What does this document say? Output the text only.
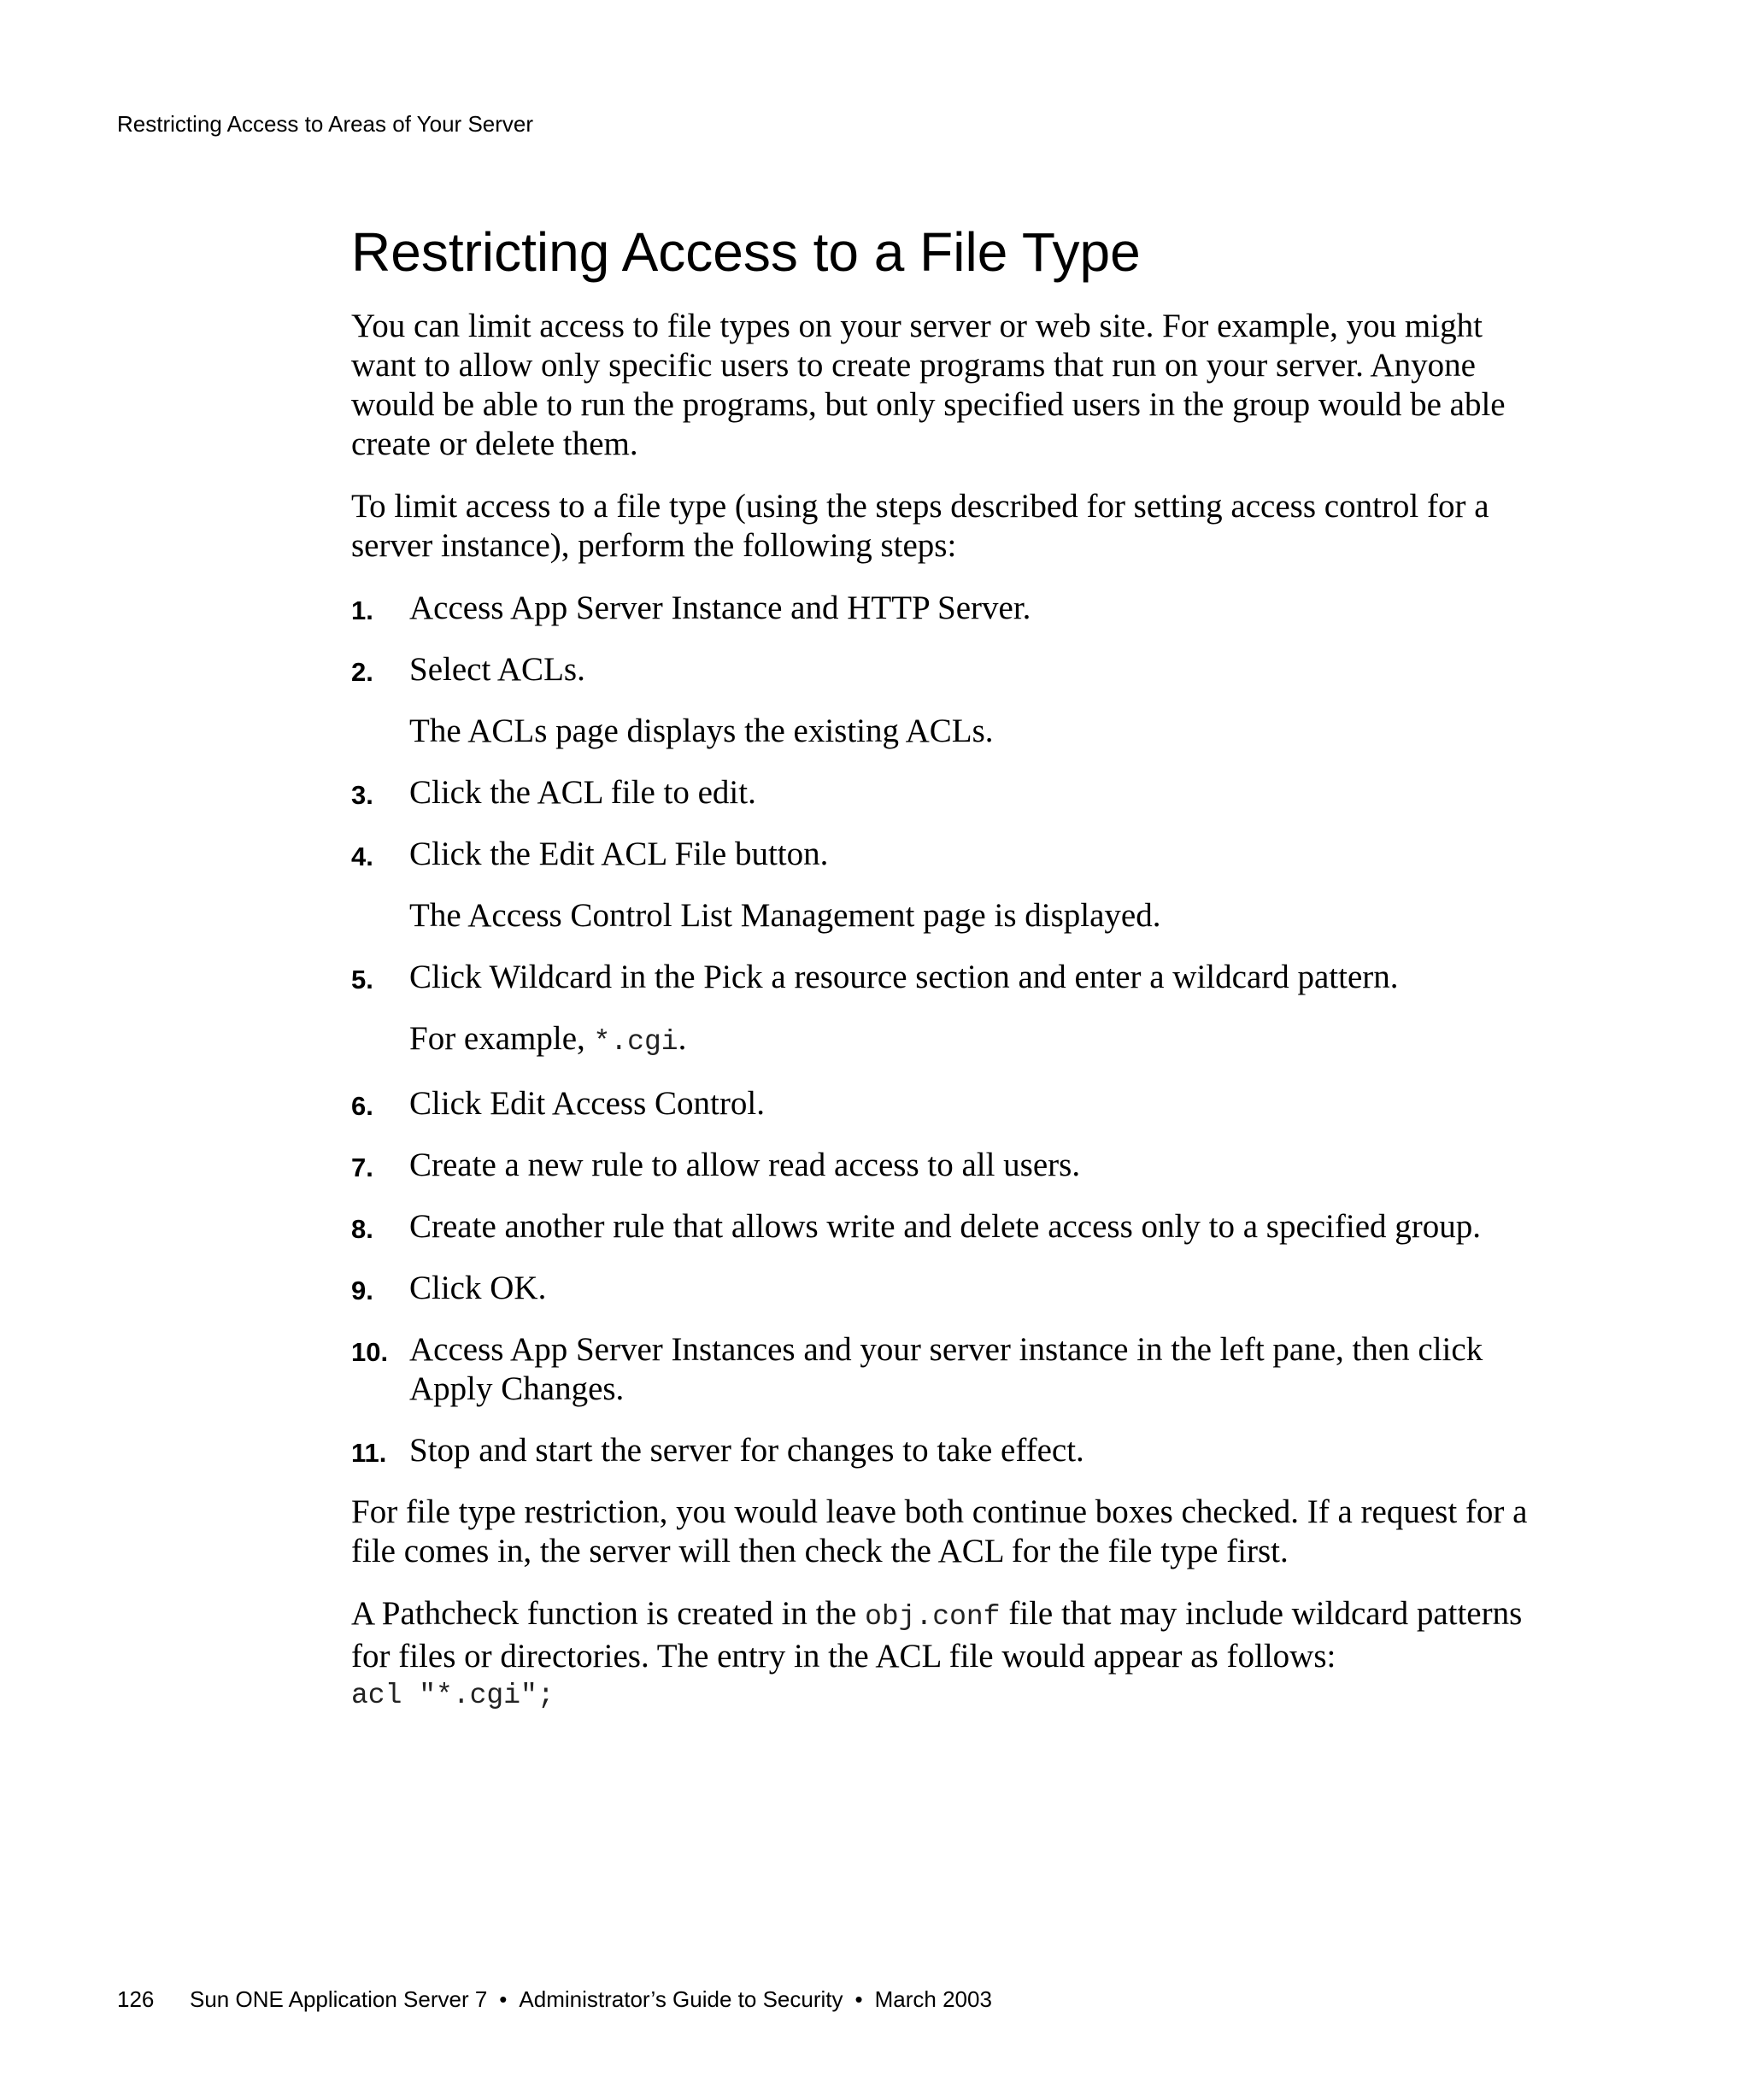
Restricting Access to Areas of Your Server
Restricting Access to a File Type

You can limit access to file types on your server or web site. For example, you might want to allow only specific users to create programs that run on your server. Anyone would be able to run the programs, but only specified users in the group would be able create or delete them.

To limit access to a file type (using the steps described for setting access control for a server instance), perform the following steps:

1. Access App Server Instance and HTTP Server.
2. Select ACLs.
The ACLs page displays the existing ACLs.
3. Click the ACL file to edit.
4. Click the Edit ACL File button.
The Access Control List Management page is displayed.
5. Click Wildcard in the Pick a resource section and enter a wildcard pattern.
For example, *.cgi.
6. Click Edit Access Control.
7. Create a new rule to allow read access to all users.
8. Create another rule that allows write and delete access only to a specified group.
9. Click OK.
10. Access App Server Instances and your server instance in the left pane, then click Apply Changes.
11. Stop and start the server for changes to take effect.

For file type restriction, you would leave both continue boxes checked. If a request for a file comes in, the server will then check the ACL for the file type first.

A Pathcheck function is created in the obj.conf file that may include wildcard patterns for files or directories. The entry in the ACL file would appear as follows:

acl "*.cgi";
126 Sun ONE Application Server 7 • Administrator’s Guide to Security • March 2003
